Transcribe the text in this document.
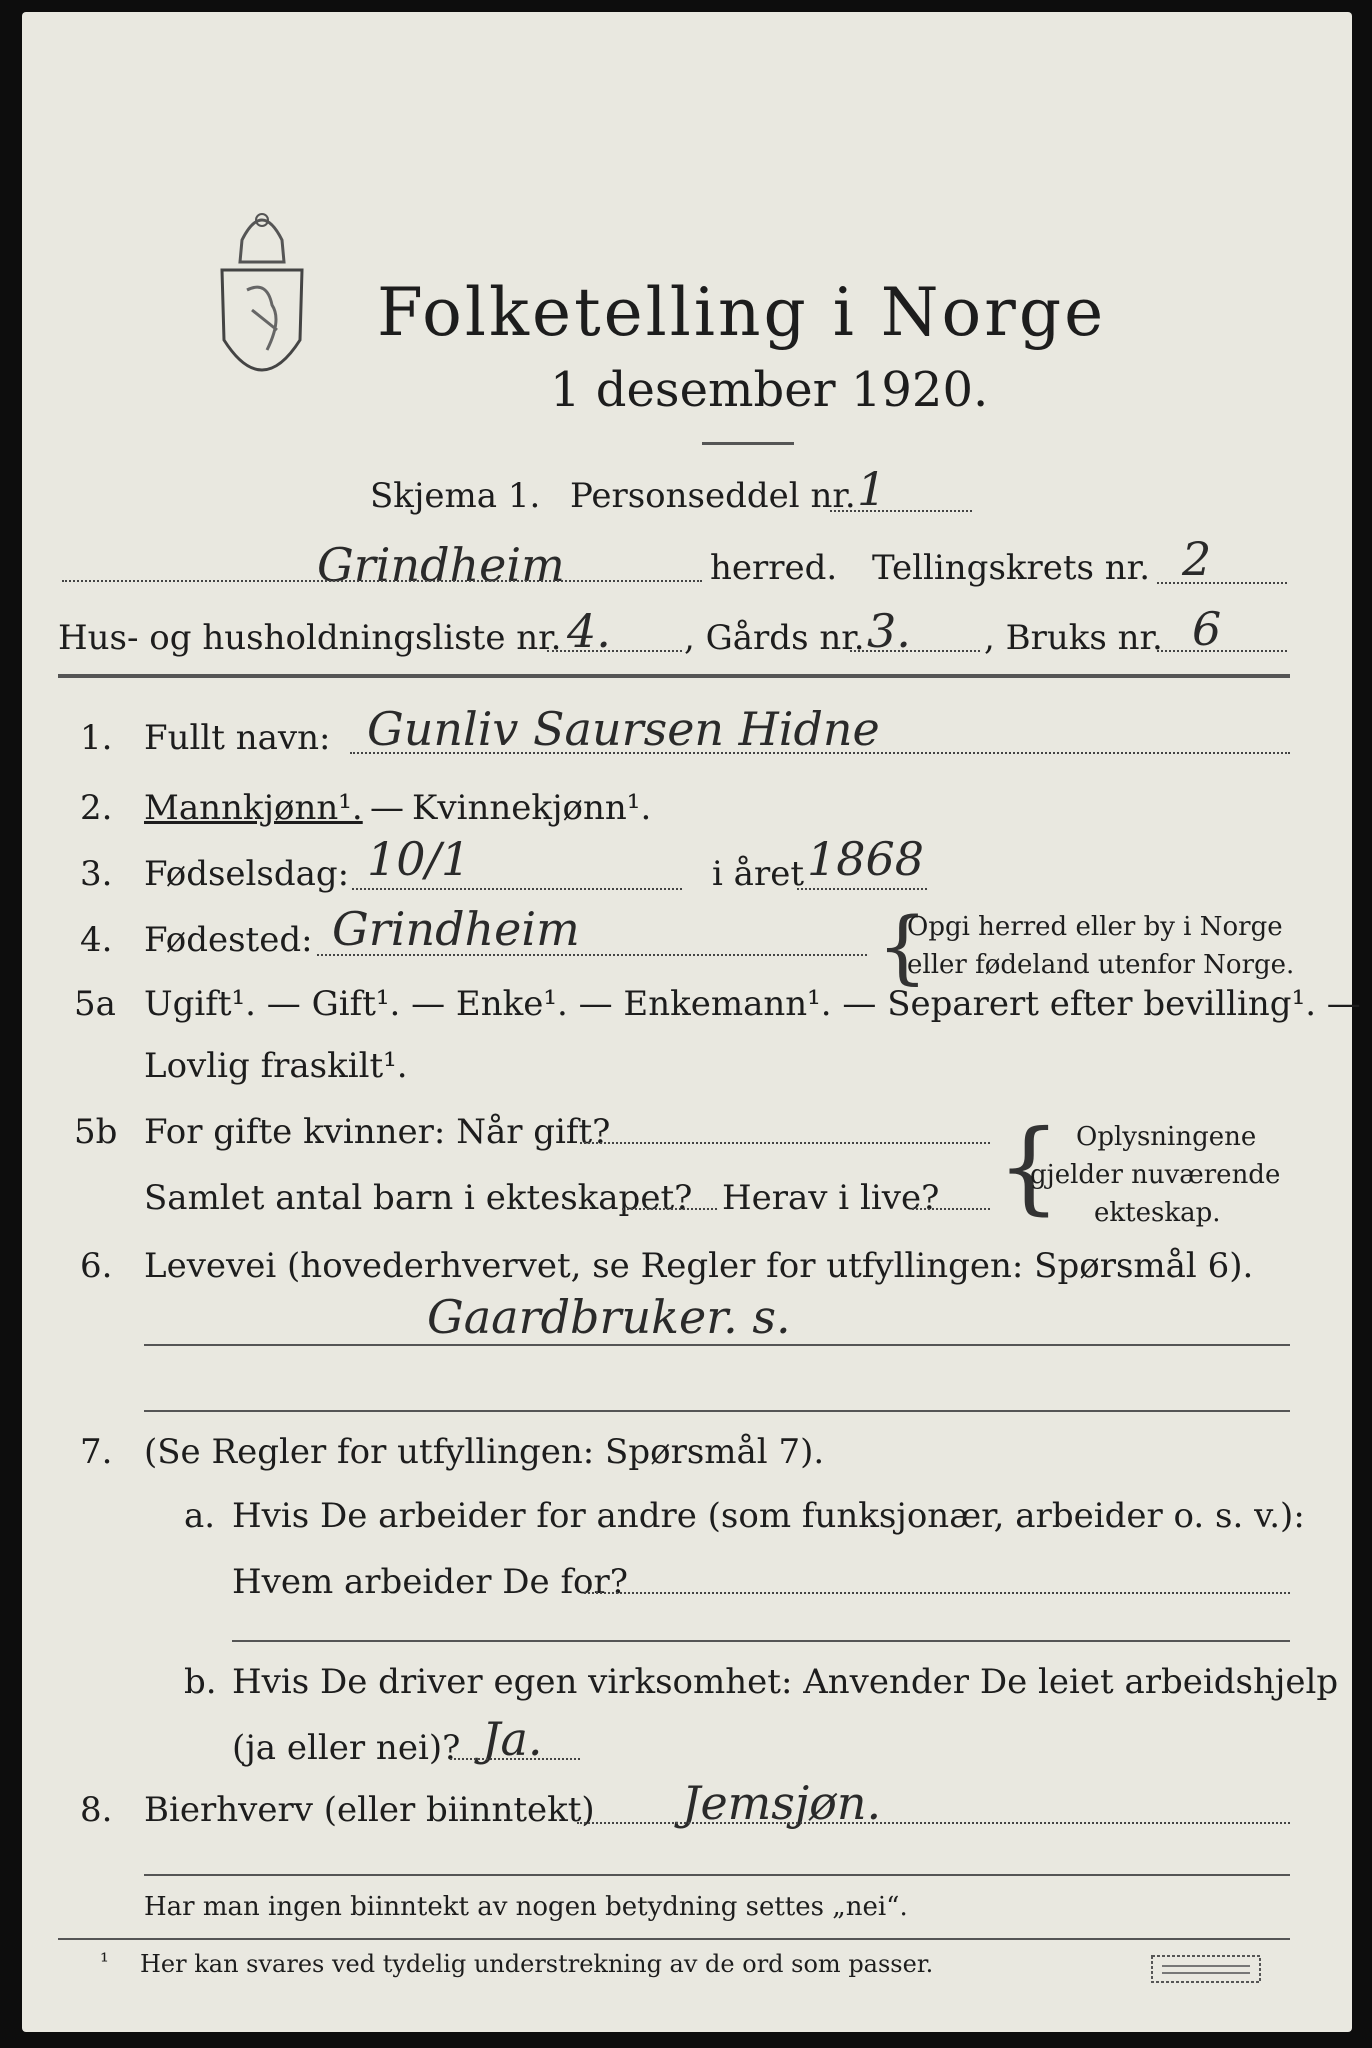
Folketelling i Norge
1 desember 1920.
Skjema 1. Personseddel nr. 1
Grindheim	herred. Tellingskrets nr. 2
Hus- og husholdningsliste nr. 4. , Gårds nr. 3. , Bruks nr. 6
1. Fullt navn: Gunliv Saursen Hidne
2. Mannkjønn¹. — Kvinnekjønn¹.
3. Fødselsdag: 10/1	i året 1868
4. Fødested: Grindheim	{
Opgi herred eller by i Norge
eller fødeland utenfor Norge.
5a Ugift¹. — Gift¹. — Enke¹. — Enkemann¹. — Separert efter bevilling¹. —
Lovlig fraskilt¹.
5b For gifte kvinner: Når gift?
Samlet antal barn i ekteskapet? Herav i live? { Oplysningene
gjelder nuværende
ekteskap.
6. Levevei (hovederhvervet, se Regler for utfyllingen: Spørsmål 6).
Gaardbruker. s.
7. (Se Regler for utfyllingen: Spørsmål 7).
a. Hvis De arbeider for andre (som funksjonær, arbeider o. s. v.):
Hvem arbeider De for?
b. Hvis De driver egen virksomhet: Anvender De leiet arbeidshjelp
(ja eller nei)? Ja.
8. Bierhverv (eller biinntekt) Jemsjøn.
Har man ingen biinntekt av nogen betydning settes „nei“.
¹ Her kan svares ved tydelig understrekning av de ord som passer.
